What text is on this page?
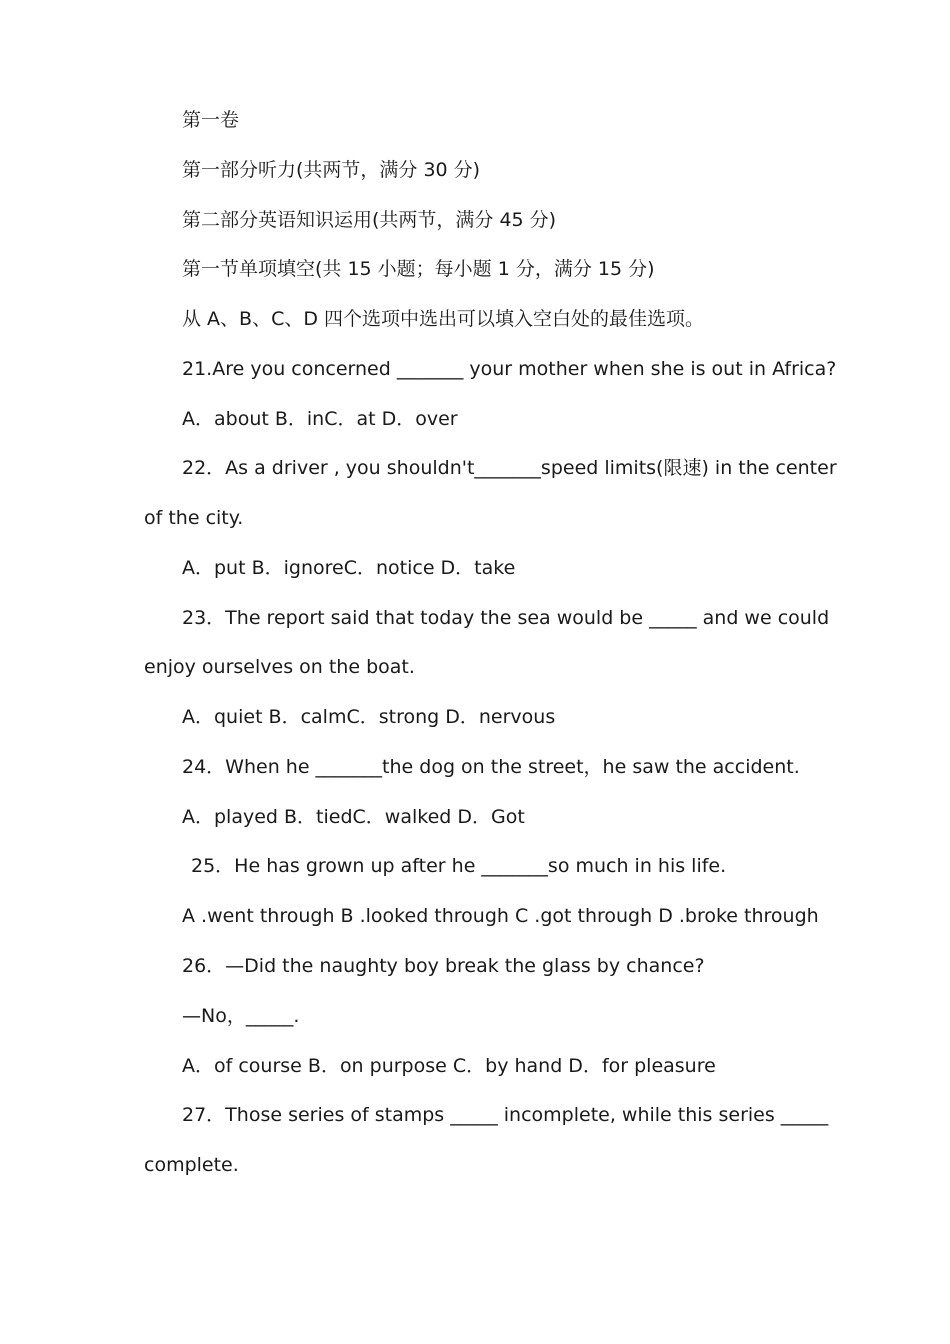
第一卷
第一部分听力(共两节，满分 30 分)
第二部分英语知识运用(共两节，满分 45 分)
第一节单项填空(共 15 小题；每小题 1 分，满分 15 分)
从 A、B、C、D 四个选项中选出可以填入空白处的最佳选项。
21.Are you concerned _______ your mother when she is out in Africa?
A．about B．inC．at D．over
22．As a driver , you shouldn't_______speed limits(限速) in the center
of the city.
A．put B．ignoreC．notice D．take
23．The report said that today the sea would be _____ and we could
enjoy ourselves on the boat.
A．quiet B．calmC．strong D．nervous
24．When he _______the dog on the street，he saw the accident.
A．played B．tiedC．walked D．Got
25．He has grown up after he _______so much in his life.
A .went through B .looked through C .got through D .broke through
26．—Did the naughty boy break the glass by chance?
—No，_____.
A．of course B．on purpose C．by hand D．for pleasure
27．Those series of stamps _____ incomplete, while this series _____
complete.
